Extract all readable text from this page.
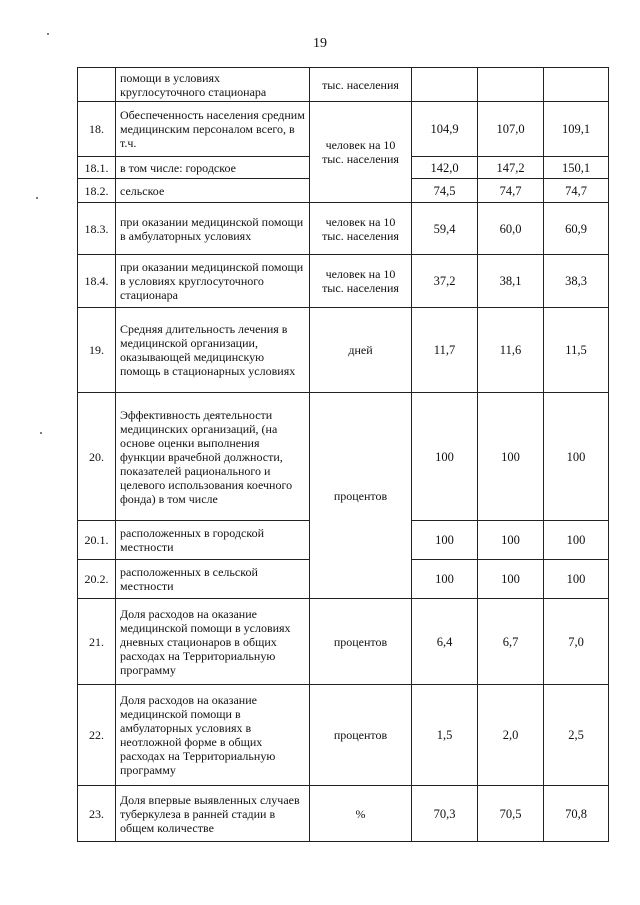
19
	помощи в условиях круглосуточного стационара	тыс. населения			
18.	Обеспеченность населения средним медицинским персоналом всего, в т.ч.	человек на 10 тыс. населения	104,9	107,0	109,1
18.1.	в том числе: городское		142,0	147,2	150,1
18.2.	сельское		74,5	74,7	74,7
18.3.	при оказании медицинской помощи в амбулаторных условиях	человек на 10 тыс. населения	59,4	60,0	60,9
18.4.	при оказании медицинской помощи в условиях круглосуточного стационара	человек на 10 тыс. населения	37,2	38,1	38,3
19.	Средняя длительность лечения в медицинской организации, оказывающей медицинскую помощь в стационарных условиях	дней	11,7	11,6	11,5
20.	Эффективность деятельности медицинских организаций, (на основе оценки выполнения функции врачебной должности, показателей рационального и целевого использования коечного фонда) в том числе	процентов	100	100	100
20.1.	расположенных в городской местности		100	100	100
20.2.	расположенных в сельской местности		100	100	100
21.	Доля расходов на оказание медицинской помощи в условиях дневных стационаров в общих расходах на Территориальную программу	процентов	6,4	6,7	7,0
22.	Доля расходов на оказание медицинской помощи в амбулаторных условиях в неотложной форме в общих расходах на Территориальную программу	процентов	1,5	2,0	2,5
23.	Доля впервые выявленных случаев туберкулеза в ранней стадии в общем количестве	%	70,3	70,5	70,8
